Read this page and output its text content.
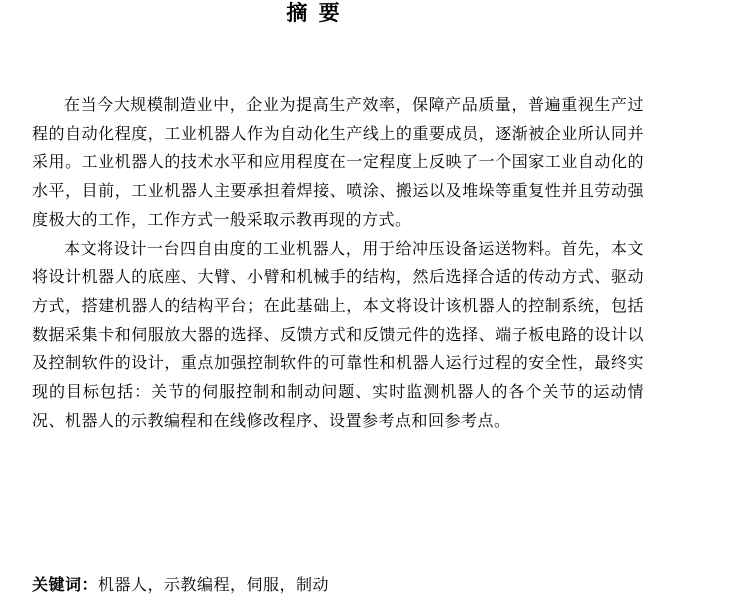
摘 要

在当今大规模制造业中，企业为提高生产效率，保障产品质量，普遍重视生产过程的自动化程度，工业机器人作为自动化生产线上的重要成员，逐渐被企业所认同并采用。工业机器人的技术水平和应用程度在一定程度上反映了一个国家工业自动化的水平，目前，工业机器人主要承担着焊接、喷涂、搬运以及堆垛等重复性并且劳动强度极大的工作，工作方式一般采取示教再现的方式。

本文将设计一台四自由度的工业机器人，用于给冲压设备运送物料。首先，本文将设计机器人的底座、大臂、小臂和机械手的结构，然后选择合适的传动方式、驱动方式，搭建机器人的结构平台；在此基础上，本文将设计该机器人的控制系统，包括数据采集卡和伺服放大器的选择、反馈方式和反馈元件的选择、端子板电路的设计以及控制软件的设计，重点加强控制软件的可靠性和机器人运行过程的安全性，最终实现的目标包括：关节的伺服控制和制动问题、实时监测机器人的各个关节的运动情况、机器人的示教编程和在线修改程序、设置参考点和回参考点。

关键词：机器人，示教编程，伺服，制动
